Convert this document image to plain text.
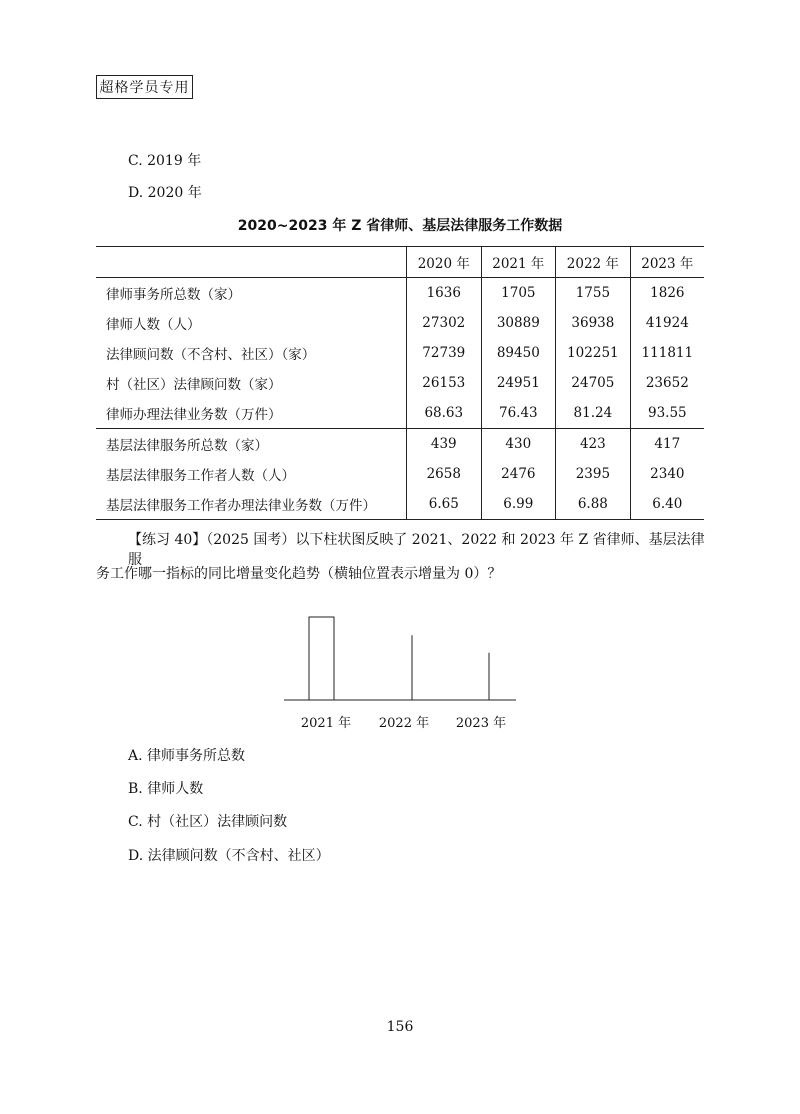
超格学员专用
C. 2019 年
D. 2020 年
2020~2023 年 Z 省律师、基层法律服务工作数据
	2020 年	2021 年	2022 年	2023 年
律师事务所总数（家）	1636	1705	1755	1826
律师人数（人）	27302	30889	36938	41924
法律顾问数（不含村、社区）（家）	72739	89450	102251	111811
村（社区）法律顾问数（家）	26153	24951	24705	23652
律师办理法律业务数（万件）	68.63	76.43	81.24	93.55
基层法律服务所总数（家）	439	430	423	417
基层法律服务工作者人数（人）	2658	2476	2395	2340
基层法律服务工作者办理法律业务数（万件）	6.65	6.99	6.88	6.40
【练习 40】（2025 国考）以下柱状图反映了 2021、2022 和 2023 年 Z 省律师、基层法律服
务工作哪一指标的同比增量变化趋势（横轴位置表示增量为 0）？
2021 年 2022 年 2023 年
A. 律师事务所总数
B. 律师人数
C. 村（社区）法律顾问数
D. 法律顾问数（不含村、社区）
156
